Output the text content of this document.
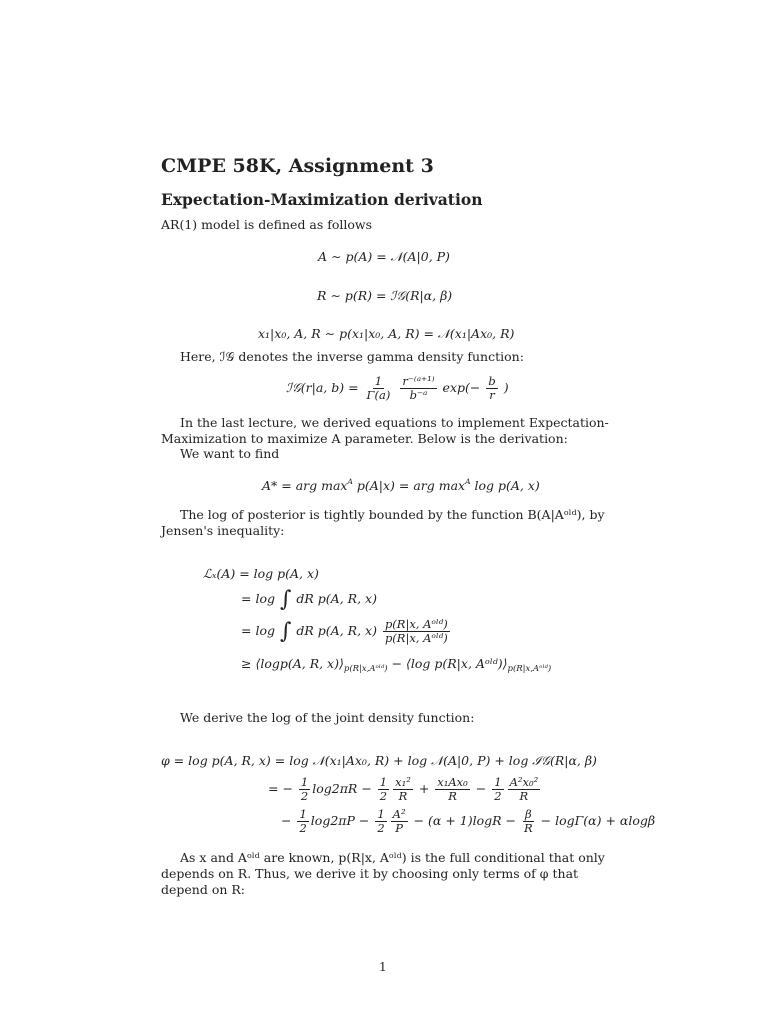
CMPE 58K, Assignment 3
Expectation-Maximization derivation
AR(1) model is defined as follows
A ∼ p(A) = 𝒩(A|0, P)
R ∼ p(R) = ℐ𝒢(R|α, β)
x₁|x₀, A, R ∼ p(x₁|x₀, A, R) = 𝒩(x₁|Ax₀, R)
Here, ℐ𝒢 denotes the inverse gamma density function:
ℐ𝒢(r|a, $b) = \frac{1}{\Gamma(a)}$
$\frac{\text{r⁻⁽ᵃ⁺¹⁾}}{\text{b⁻ᵃ}} \exp(- \frac{b}{r}$ )
In the last lecture, we derived equations to implement Expectation-Maximization to maximize A parameter. Below is the derivation:
We want to find
A* = arg max A p(A|x) = arg max A log p(A, x)
The log of posterior is tightly bounded by the function B(A|Aᵒˡᵈ), by Jensen's inequality:
ℒₓ(A) = log p(A, x)
= log ∫ dR p(A, R, x)
= log ∫ dR p(A, R, $x) \frac{\text{p(R|x, Aᵒˡᵈ)}}{\text{p(R|x, Aᵒˡᵈ)}}$
≥ ⟨logp(A, R, $x)⟩_{p(R|x,Aᵒˡᵈ)}$ − ⟨log p(R|x, $Aᵒˡᵈ)⟩_{p(R|x,Aᵒˡᵈ)}$
We derive the log of the joint density function:
φ = log p(A, R, x) = log 𝒩(x₁|Ax₀, R) + log 𝒩(A|0, P) + log ℐ𝒢(R|α, β)
= − $\frac{1}{2} \log 2\pi R - \frac{1}{2} \frac{\text{x₁²}}{R} + \frac{\text{x₁Ax₀}}{R} - \frac{1}{2} \frac{\text{A²x₀²}}{R}$
− $\frac{1}{2} \log 2\pi P - \frac{1}{2} \frac{\text{A²}}{P} - (\alpha + 1)\log R - \frac{\beta}{R} - \log\Gamma(\alpha) + \alpha\log\beta$
As x and Aᵒˡᵈ are known, p(R|x, Aᵒˡᵈ) is the full conditional that only depends on R. Thus, we derive it by choosing only terms of φ that depend on R:
1
